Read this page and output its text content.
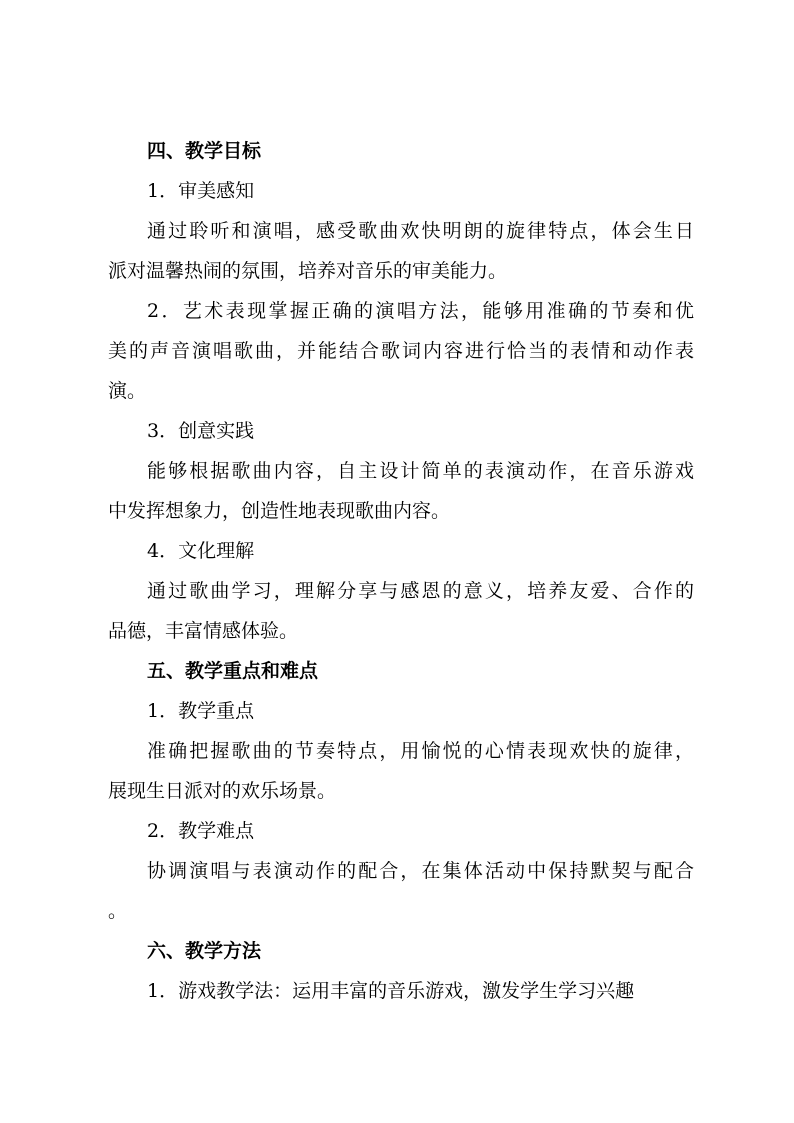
四、教学目标
1．审美感知
通过聆听和演唱，感受歌曲欢快明朗的旋律特点，体会生日
派对温馨热闹的氛围，培养对音乐的审美能力。
2．艺术表现掌握正确的演唱方法，能够用准确的节奏和优
美的声音演唱歌曲，并能结合歌词内容进行恰当的表情和动作表
演。
3．创意实践
能够根据歌曲内容，自主设计简单的表演动作，在音乐游戏
中发挥想象力，创造性地表现歌曲内容。
4．文化理解
通过歌曲学习，理解分享与感恩的意义，培养友爱、合作的
品德，丰富情感体验。
五、教学重点和难点
1．教学重点
准确把握歌曲的节奏特点，用愉悦的心情表现欢快的旋律，
展现生日派对的欢乐场景。
2．教学难点
协调演唱与表演动作的配合，在集体活动中保持默契与配合
。
六、教学方法
1．游戏教学法：运用丰富的音乐游戏，激发学生学习兴趣
